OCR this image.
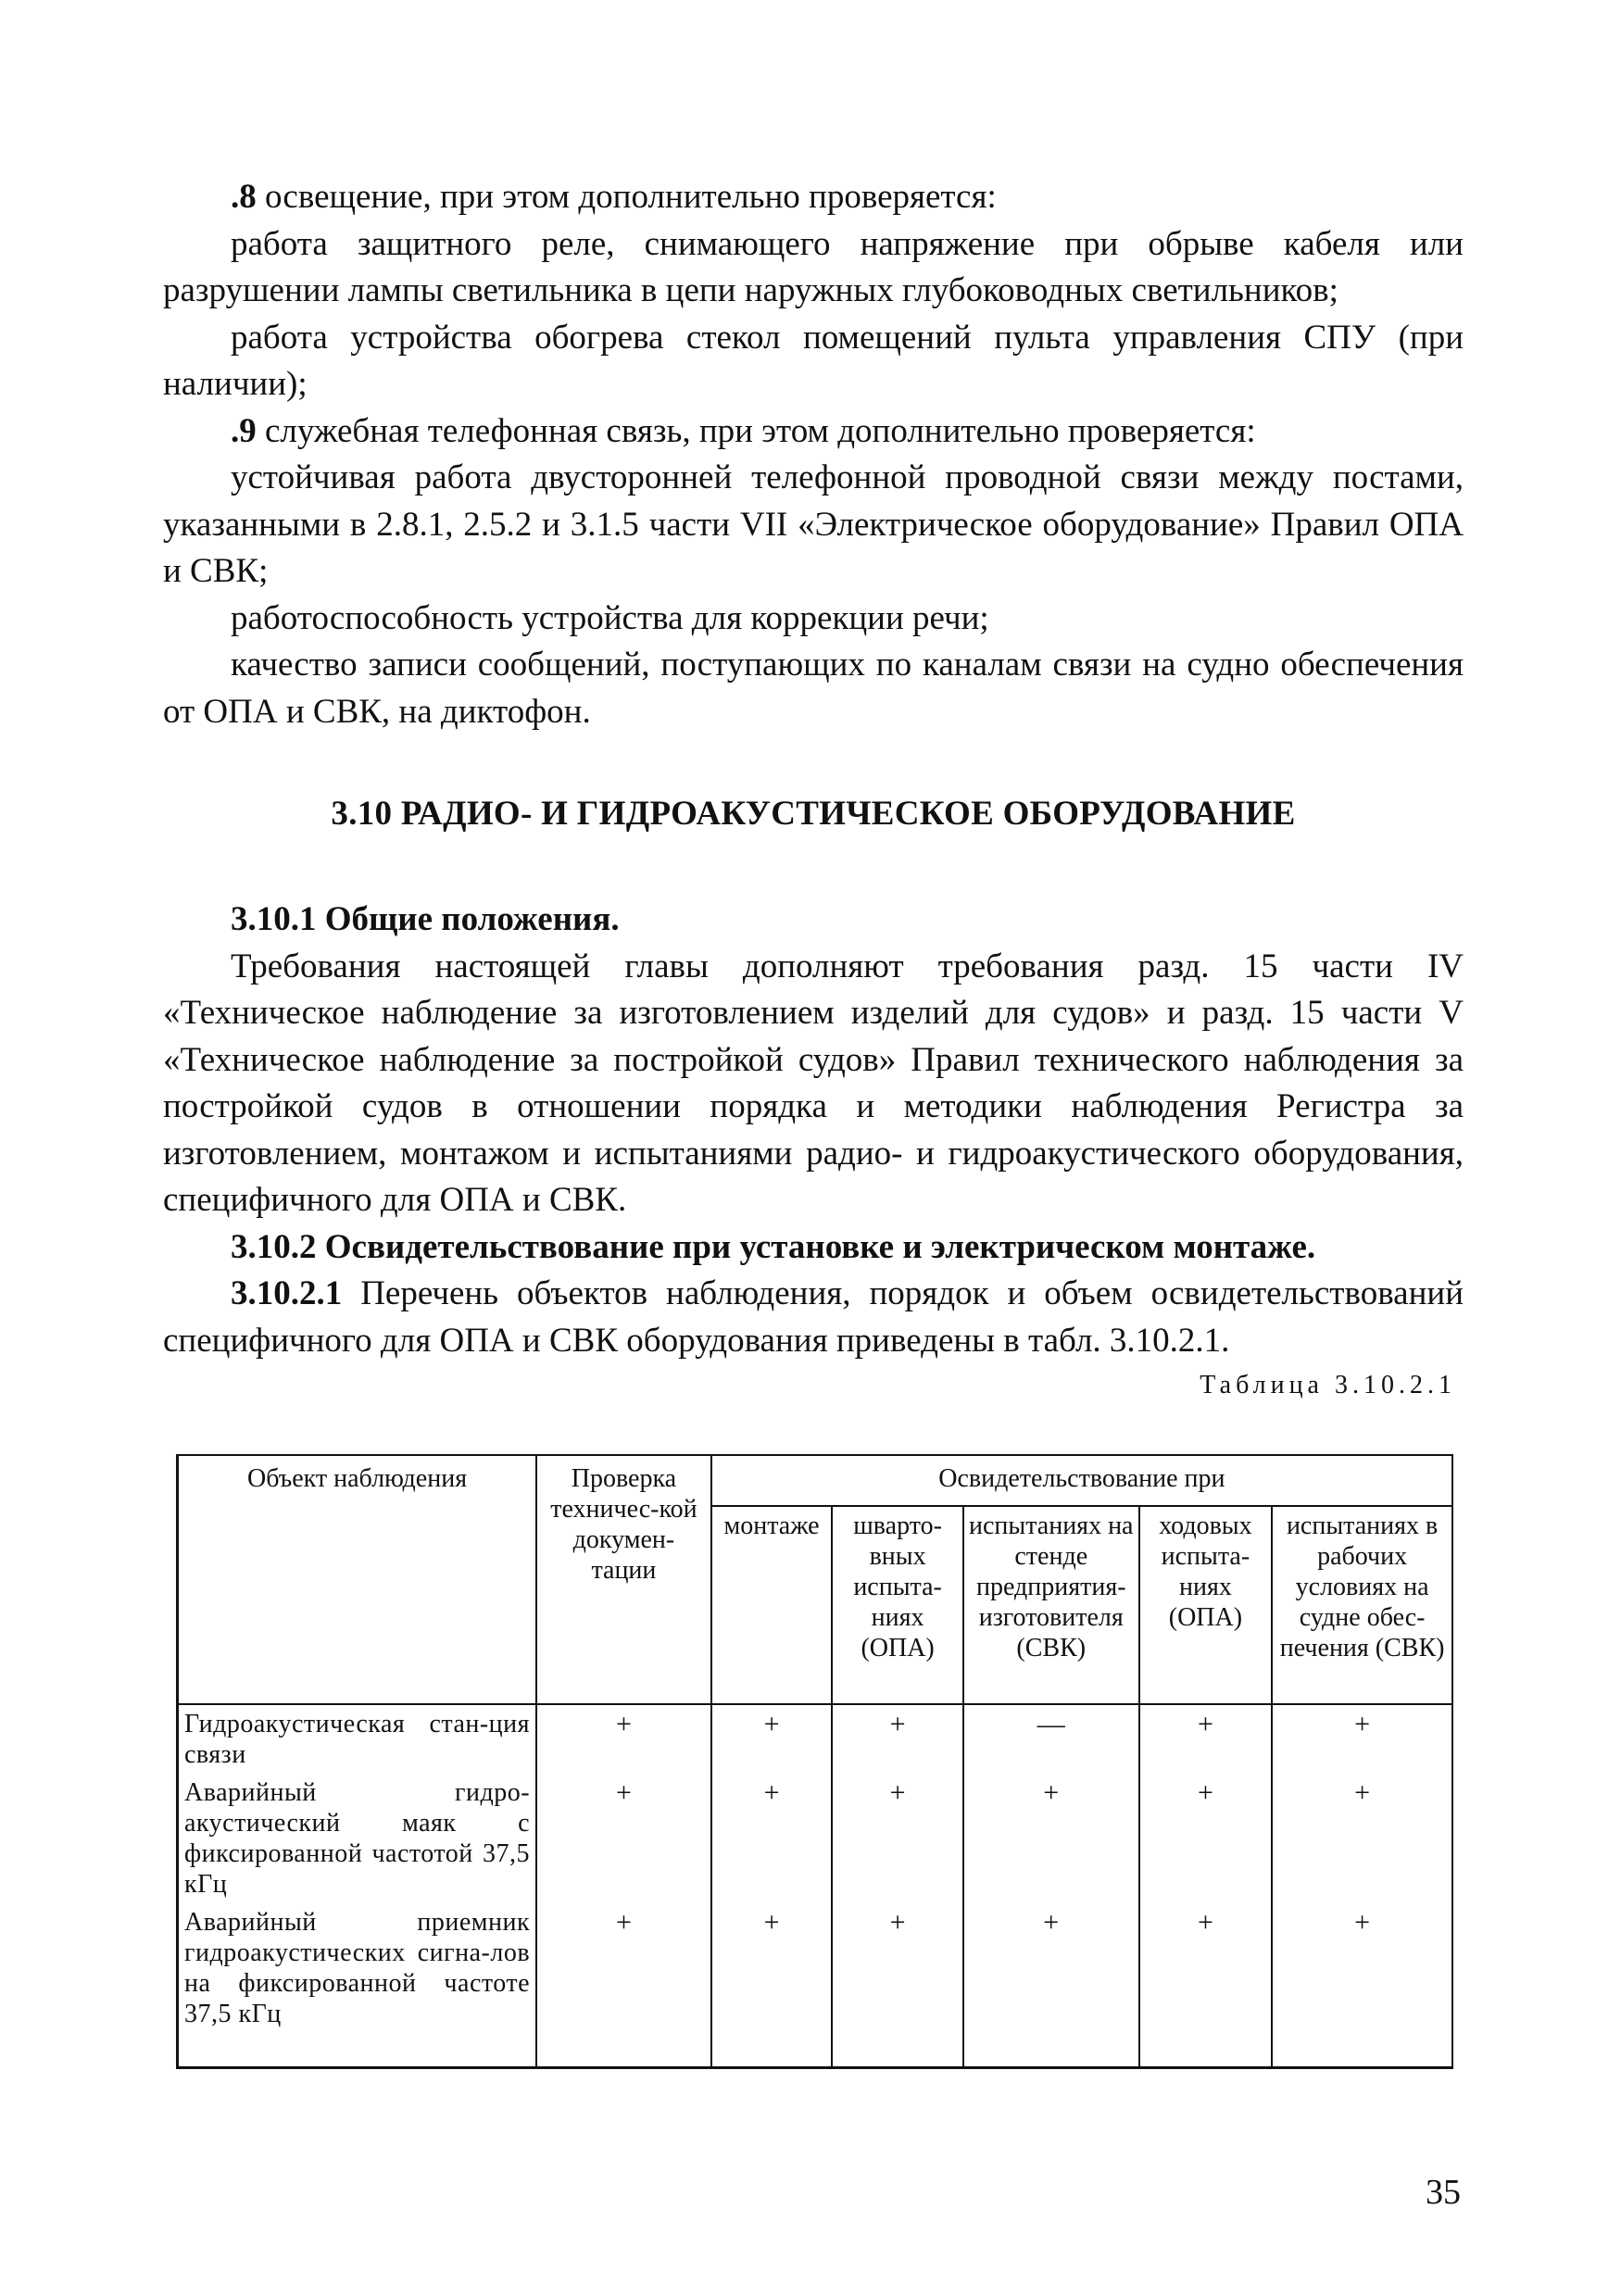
.8 освещение, при этом дополнительно проверяется:

работа защитного реле, снимающего напряжение при обрыве кабеля или разрушении лампы светильника в цепи наружных глубоководных светильников;

работа устройства обогрева стекол помещений пульта управления СПУ (при наличии);

.9 служебная телефонная связь, при этом дополнительно проверяется:

устойчивая работа двусторонней телефонной проводной связи между постами, указанными в 2.8.1, 2.5.2 и 3.1.5 части VII «Электрическое оборудование» Правил ОПА и СВК;

работоспособность устройства для коррекции речи;

качество записи сообщений, поступающих по каналам связи на судно обеспечения от ОПА и СВК, на диктофон.

3.10 РАДИО- И ГИДРОАКУСТИЧЕСКОЕ ОБОРУДОВАНИЕ

3.10.1 Общие положения.

Требования настоящей главы дополняют требования разд. 15 части IV «Техническое наблюдение за изготовлением изделий для судов» и разд. 15 части V «Техническое наблюдение за постройкой судов» Правил технического наблюдения за постройкой судов в отношении порядка и методики наблюдения Регистра за изготовлением, монтажом и испытаниями радио- и гидроакустического оборудования, специфичного для ОПА и СВК.

3.10.2 Освидетельствование при установке и электрическом монтаже.

3.10.2.1 Перечень объектов наблюдения, порядок и объем освидетельствований специфичного для ОПА и СВК оборудования приведены в табл. 3.10.2.1.

Таблица 3.10.2.1
Объект наблюдения	Проверка техничес-кой докумен-тации	Освидетельствование при				
		монтаже	шварто-вных испыта-ниях (ОПА)	испытаниях на стенде предприятия-изготовителя (СВК)	ходовых испыта-ниях (ОПА)	испытаниях в рабочих условиях на судне обес-печения (СВК)
Гидроакустическая стан-ция связи	+	+	+	—	+	+
Аварийный гидро-акустический маяк с фиксированной частотой 37,5 кГц	+	+	+	+	+	+
Аварийный приемник гидроакустических сигна-лов на фиксированной частоте 37,5 кГц	+	+	+	+	+	+
35
